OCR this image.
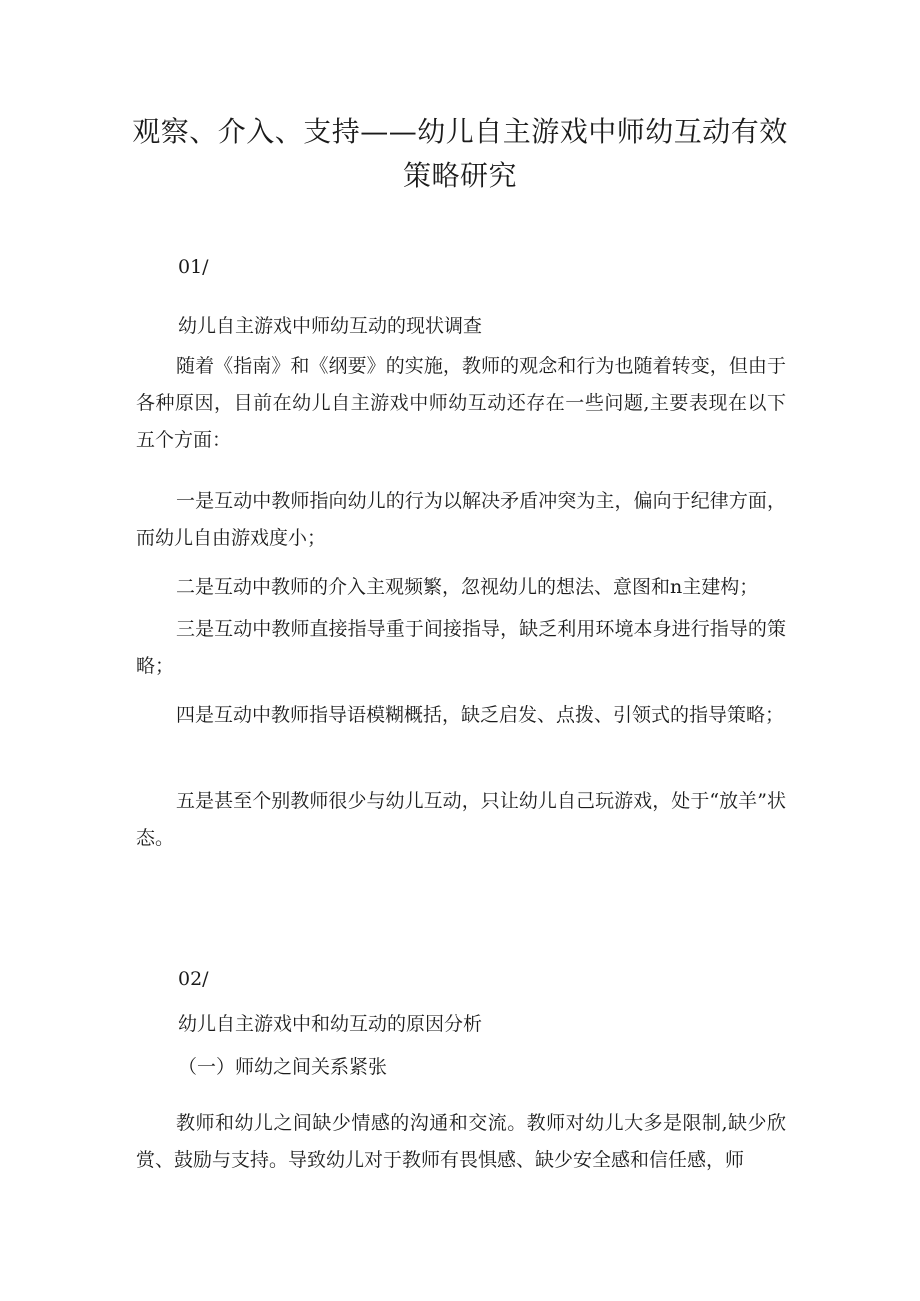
观察、介入、支持——幼儿自主游戏中师幼互动有效策略研究

01/

幼儿自主游戏中师幼互动的现状调查

随着《指南》和《纲要》的实施，教师的观念和行为也随着转变，但由于各种原因，目前在幼儿自主游戏中师幼互动还存在一些问题,主要表现在以下五个方面：

一是互动中教师指向幼儿的行为以解决矛盾冲突为主，偏向于纪律方面，而幼儿自由游戏度小；

二是互动中教师的介入主观频繁，忽视幼儿的想法、意图和n主建构；

三是互动中教师直接指导重于间接指导，缺乏利用环境本身进行指导的策略；

四是互动中教师指导语模糊概括，缺乏启发、点拨、引领式的指导策略；

五是甚至个别教师很少与幼儿互动，只让幼儿自己玩游戏，处于“放羊”状态。

02/

幼儿自主游戏中和幼互动的原因分析

（一）师幼之间关系紧张

教师和幼儿之间缺少情感的沟通和交流。教师对幼儿大多是限制,缺少欣赏、鼓励与支持。导致幼儿对于教师有畏惧感、缺少安全感和信任感，师
